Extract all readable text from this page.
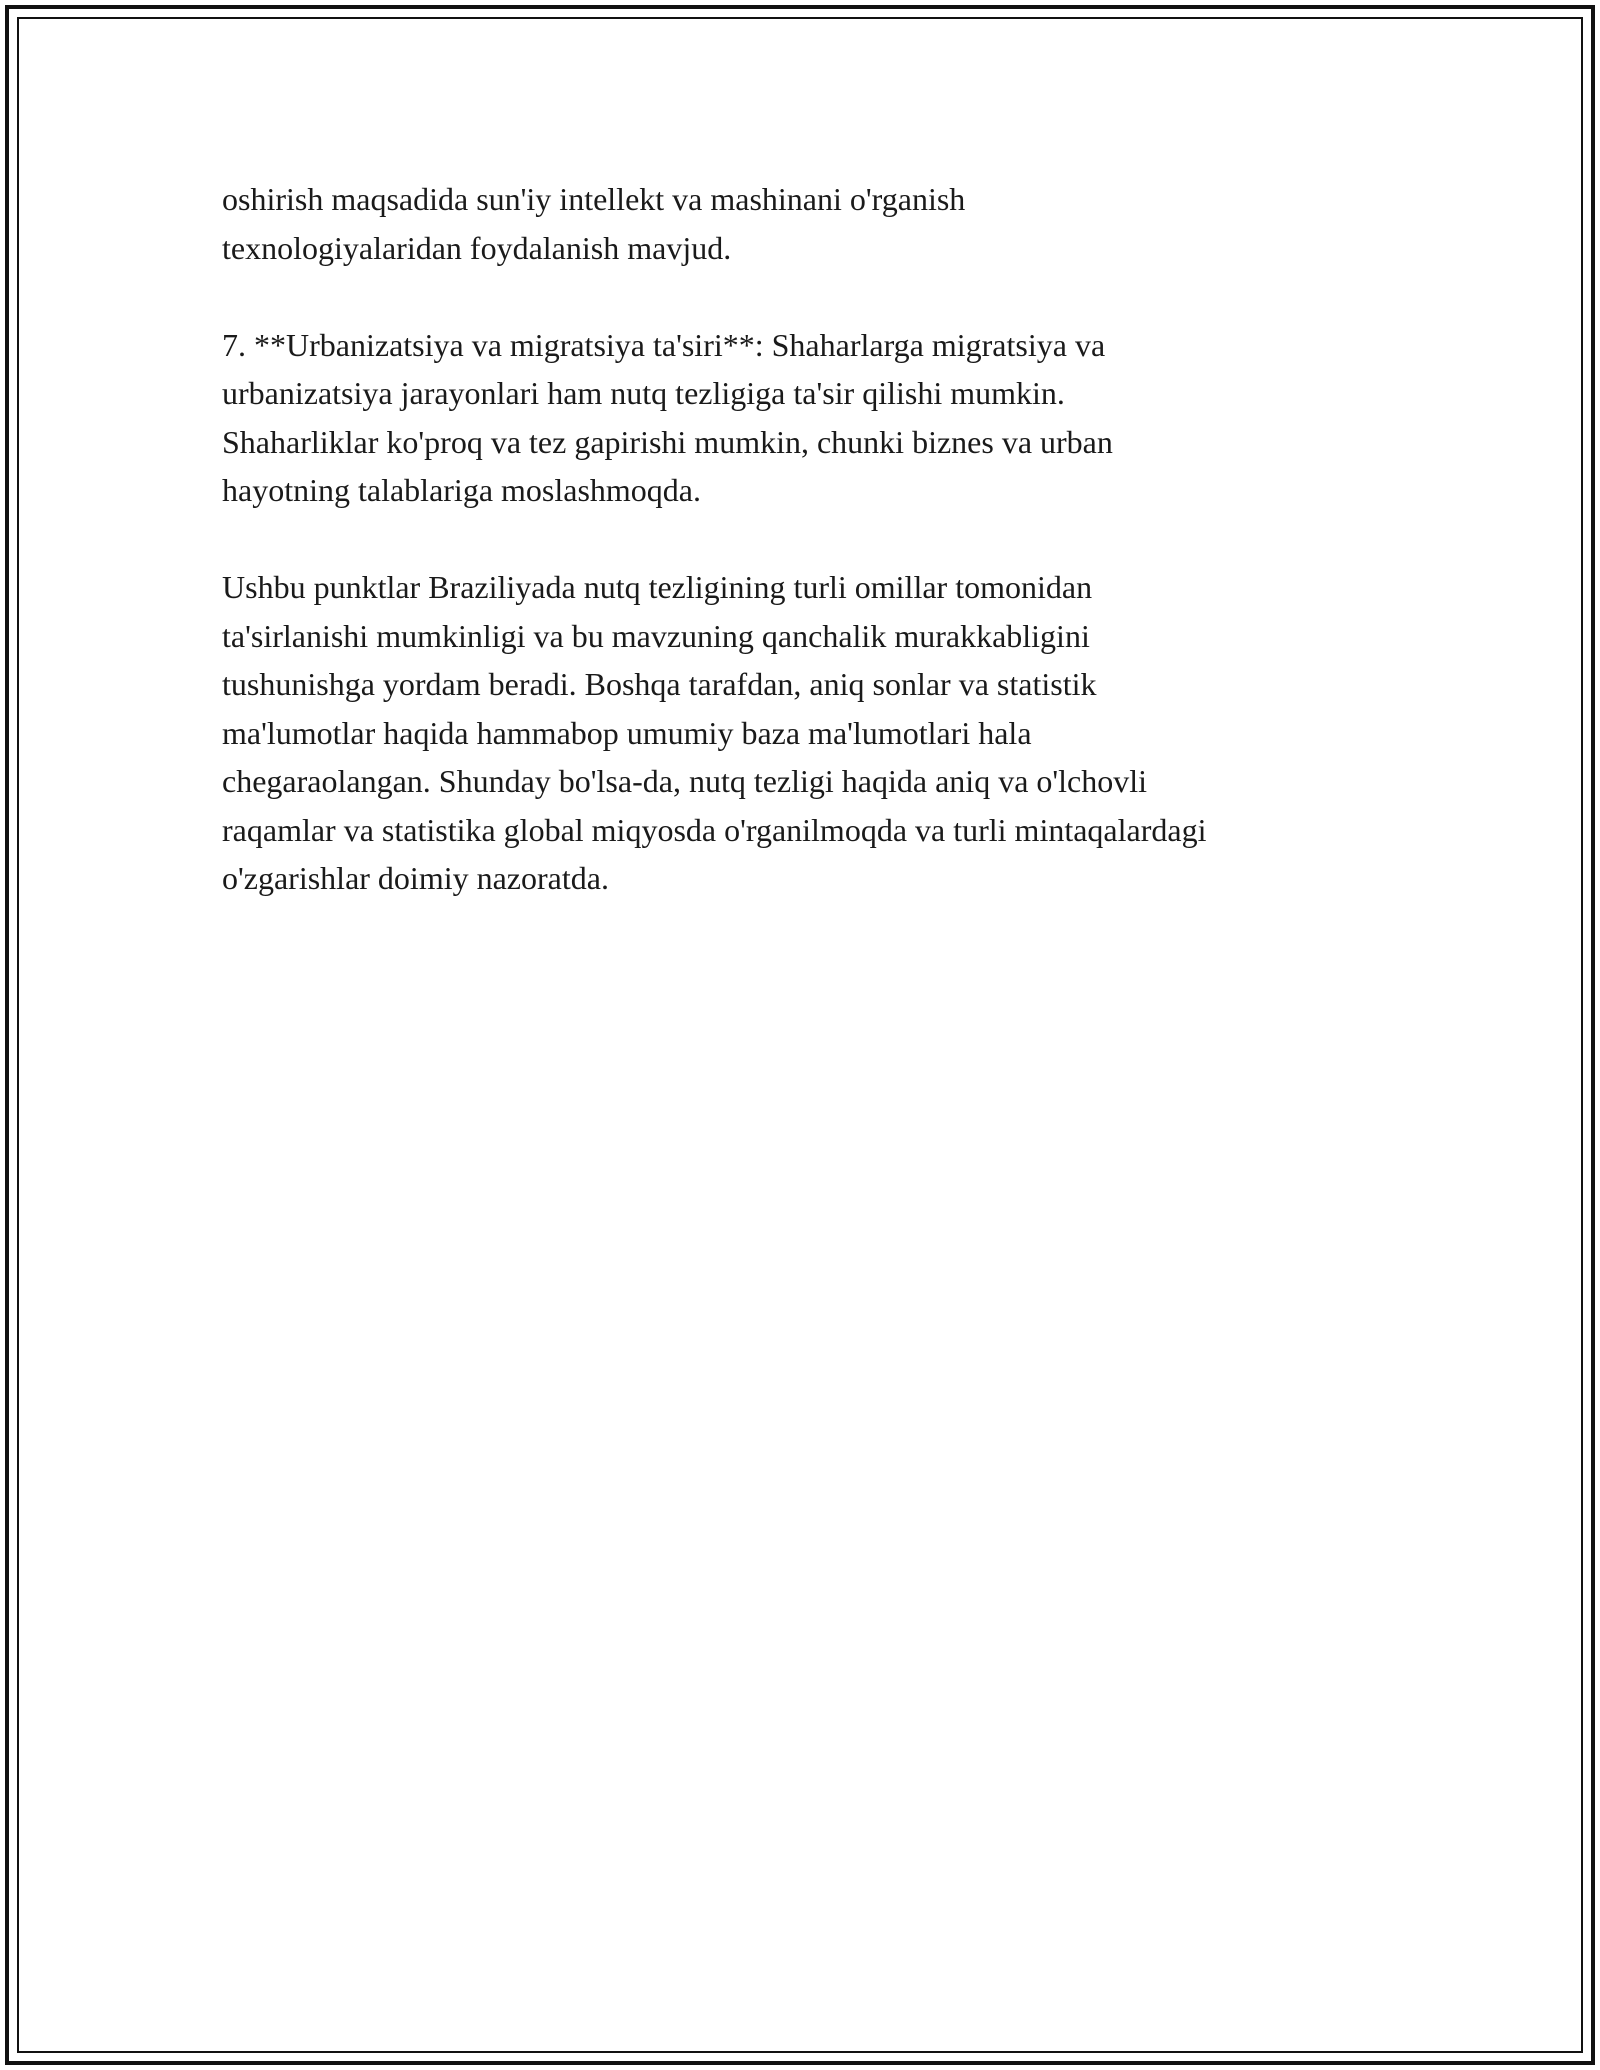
oshirish maqsadida sun'iy intellekt va mashinani o'rganish
texnologiyalaridan foydalanish mavjud.

7. **Urbanizatsiya va migratsiya ta'siri**: Shaharlarga migratsiya va
urbanizatsiya jarayonlari ham nutq tezligiga ta'sir qilishi mumkin.
Shaharliklar ko'proq va tez gapirishi mumkin, chunki biznes va urban
hayotning talablariga moslashmoqda.

Ushbu punktlar Braziliyada nutq tezligining turli omillar tomonidan
ta'sirlanishi mumkinligi va bu mavzuning qanchalik murakkabligini
tushunishga yordam beradi. Boshqa tarafdan, aniq sonlar va statistik
ma'lumotlar haqida hammabop umumiy baza ma'lumotlari hala
chegaraolangan. Shunday bo'lsa-da, nutq tezligi haqida aniq va o'lchovli
raqamlar va statistika global miqyosda o'rganilmoqda va turli mintaqalardagi
o'zgarishlar doimiy nazoratda.
